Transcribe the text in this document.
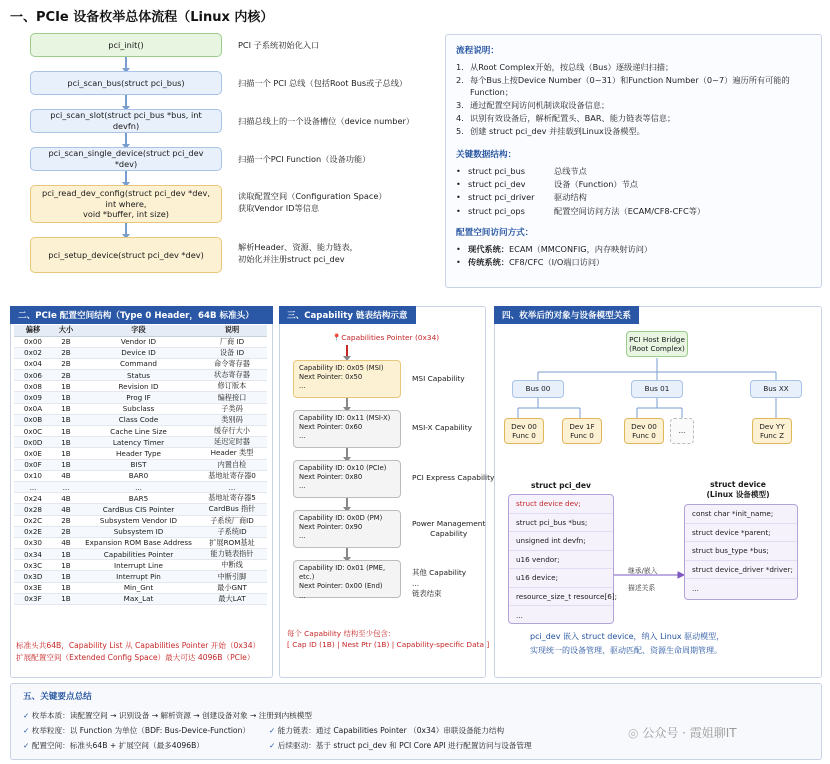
一、PCIe 设备枚举总体流程（Linux 内核）
pci_init()	PCI 子系统初始化入口
pci_scan_bus(struct pci_bus)	扫描一个 PCI 总线（包括Root Bus或子总线）
pci_scan_slot(struct pci_bus *bus, int devfn)	扫描总线上的一个设备槽位（device number）
pci_scan_single_device(struct pci_dev *dev)	扫描一个PCI Function（设备功能）
pci_read_dev_config(struct pci_dev *dev, int where,
void *buffer, int size)
读取配置空间（Configuration Space）
获取Vendor ID等信息
pci_setup_device(struct pci_dev *dev)
解析Header、资源、能力链表，
初始化并注册struct pci_dev
流程说明：
1. 从Root Complex开始，按总线（Bus）逐级递归扫描；
2. 每个Bus上按Device Number（0~31）和Function Number（0~7）遍历所有可能的Function；
3. 通过配置空间访问机制读取设备信息；
4. 识别有效设备后，解析配置头、BAR、能力链表等信息；
5. 创建 struct pci_dev 并挂载到Linux设备模型。
关键数据结构：
• struct pci_bus	总线节点
• struct pci_dev	设备（Function）节点
• struct pci_driver	驱动结构
• struct pci_ops	配置空间访问方法（ECAM/CF8-CFC等）
配置空间访问方式：
• 现代系统： ECAM（MMCONFIG，内存映射访问）
• 传统系统： CF8/CFC（I/O端口访问）
二、PCIe 配置空间结构（Type 0 Header，64B 标准头）
偏移	大小	字段	说明
0x00	2B	Vendor ID	厂商 ID
0x02	2B	Device ID	设备 ID
0x04	2B	Command	命令寄存器
0x06	2B	Status	状态寄存器
0x08	1B	Revision ID	修订版本
0x09	1B	Prog IF	编程接口
0x0A	1B	Subclass	子类码
0x0B	1B	Class Code	类别码
0x0C	1B	Cache Line Size	缓存行大小
0x0D	1B	Latency Timer	延迟定时器
0x0E	1B	Header Type	Header 类型
0x0F	1B	BIST	内置自检
0x10	4B	BAR0	基地址寄存器0
...	...	...	...
0x24	4B	BAR5	基地址寄存器5
0x28	4B	CardBus CIS Pointer	CardBus 指针
0x2C	2B	Subsystem Vendor ID	子系统厂商ID
0x2E	2B	Subsystem ID	子系统ID
0x30	4B	Expansion ROM Base Address	扩展ROM基址
0x34	1B	Capabilities Pointer	能力链表指针
0x3C	1B	Interrupt Line	中断线
0x3D	1B	Interrupt Pin	中断引脚
0x3E	1B	Min_Gnt	最小GNT
0x3F	1B	Max_Lat	最大LAT
标准头共64B，Capability List 从 Capabilities Pointer 开始（0x34）
扩展配置空间（Extended Config Space）最大可达 4096B（PCIe）
三、Capability 链表结构示意
📍Capabilities Pointer (0x34)
Capability ID: 0x05 (MSI)
Next Pointer: 0x50
...
MSI Capability
Capability ID: 0x11 (MSI-X)
Next Pointer: 0x60
...
MSI-X Capability
Capability ID: 0x10 (PCIe)
Next Pointer: 0x80
...
PCI Express Capability
Capability ID: 0x0D (PM)
Next Pointer: 0x90
...
Power Management
Capability
Capability ID: 0x01 (PME, etc.)
Next Pointer: 0x00 (End)
...
其他 Capability
...
链表结束
每个 Capability 结构至少包含：
[ Cap ID (1B) | Nest Ptr (1B) | Capability-specific Data ]
四、枚举后的对象与设备模型关系
PCI Host Bridge
(Root Complex)
Bus 00	Bus 01	Bus XX
Dev 00
Func 0
Dev 1F
Func 0
Dev 00
Func 0
...
Dev YY
Func Z
struct pci_dev
struct device dev;
struct pci_bus *bus;
unsigned int devfn;
u16 vendor;
u16 device;
resource_size_t resource[6];
...
继承/嵌入
描述关系
struct device
(Linux 设备模型)
const char *init_name;
struct device *parent;
struct bus_type *bus;
struct device_driver *driver;
...
pci_dev 嵌入 struct device，纳入 Linux 驱动模型，
实现统一的设备管理、驱动匹配、资源生命周期管理。
五、关键要点总结
✓ 枚举本质：读配置空间 → 识别设备 → 解析资源 → 创建设备对象 → 注册到内核模型
✓ 枚举粒度：以 Function 为单位（BDF: Bus-Device-Function）
✓ 配置空间：标准头64B + 扩展空间（最多4096B）
✓ 能力链表：通过 Capabilities Pointer （0x34）串联设备能力结构
✓ 后续驱动：基于 struct pci_dev 和 PCI Core API 进行配置访问与设备管理
◎ 公众号 · 霞姐聊IT
